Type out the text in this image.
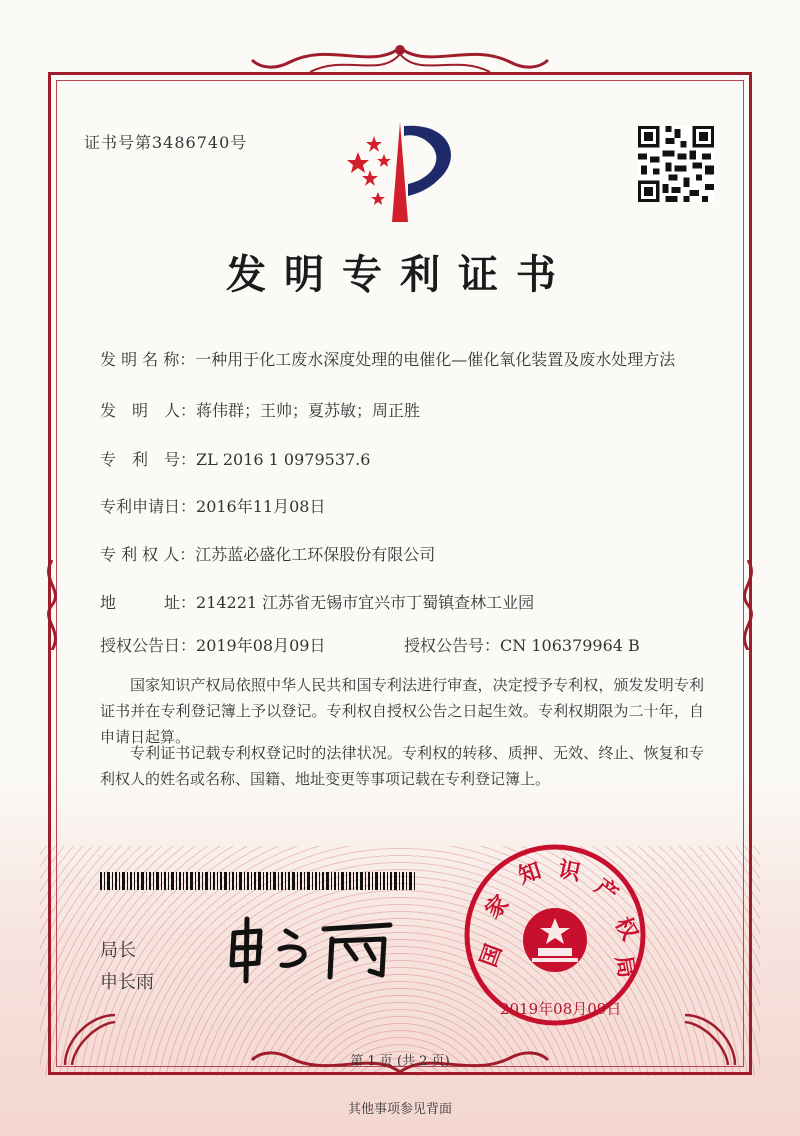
证书号第3486740号
发明专利证书
发 明 名 称：一种用于化工废水深度处理的电催化—催化氧化装置及废水处理方法
发　明　人：蒋伟群；王帅；夏苏敏；周正胜
专　利　号：ZL 2016 1 0979537.6
专利申请日：2016年11月08日
专 利 权 人：江苏蓝必盛化工环保股份有限公司
地　　　址：214221 江苏省无锡市宜兴市丁蜀镇查林工业园
授权公告日：2019年08月09日	授权公告号：CN 106379964 B
国家知识产权局依照中华人民共和国专利法进行审查，决定授予专利权，颁发发明专利证书并在专利登记簿上予以登记。专利权自授权公告之日起生效。专利权期限为二十年，自申请日起算。
专利证书记载专利权登记时的法律状况。专利权的转移、质押、无效、终止、恢复和专利权人的姓名或名称、国籍、地址变更等事项记载在专利登记簿上。
局长
申长雨
国
家
知 识
产
权
局
2019年08月09日
第 1 页 (共 2 页)
其他事项参见背面
